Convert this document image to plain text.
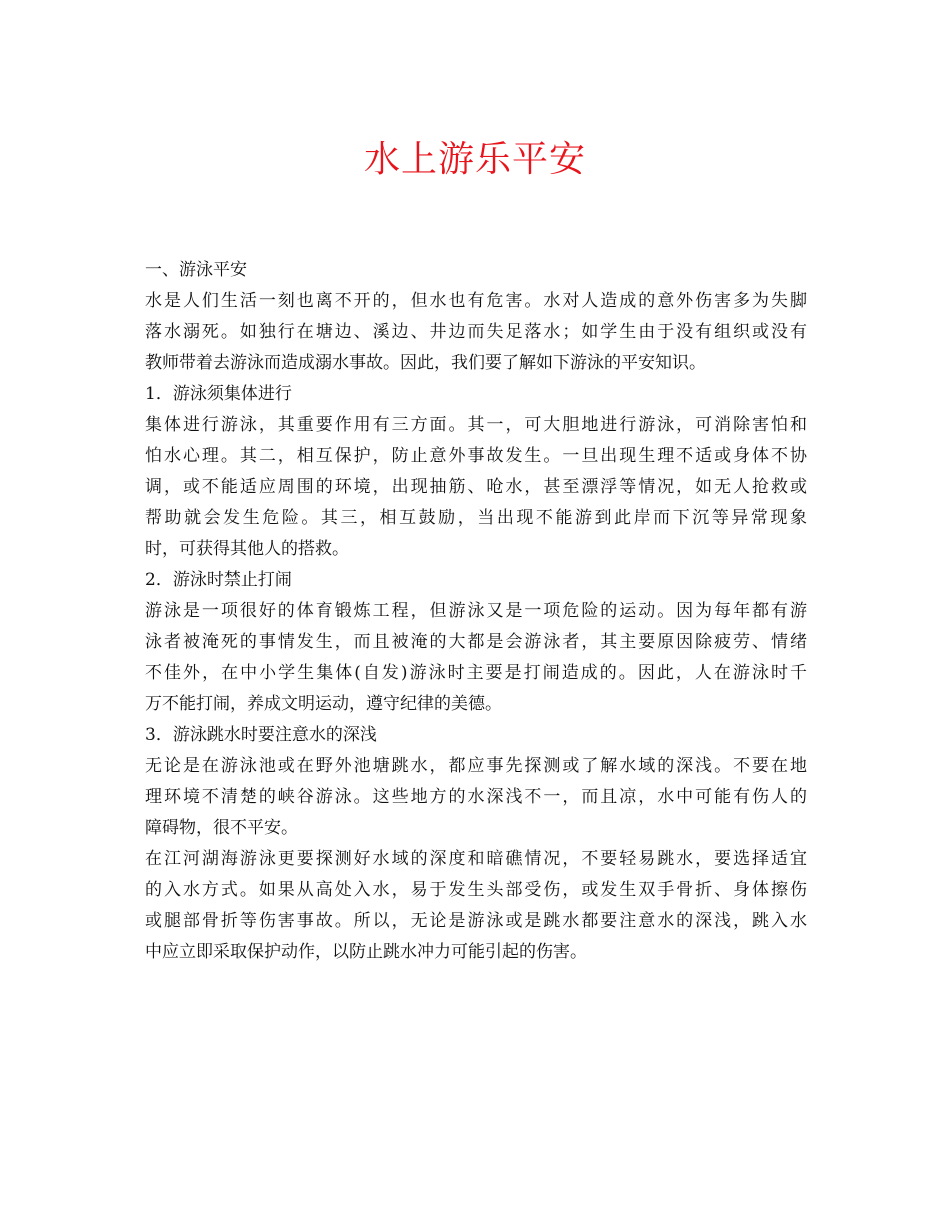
水上游乐平安
一、游泳平安
水是人们生活一刻也离不开的，但水也有危害。水对人造成的意外伤害多为失脚
落水溺死。如独行在塘边、溪边、井边而失足落水；如学生由于没有组织或没有
教师带着去游泳而造成溺水事故。因此，我们要了解如下游泳的平安知识。
1．游泳须集体进行
集体进行游泳，其重要作用有三方面。其一，可大胆地进行游泳，可消除害怕和
怕水心理。其二，相互保护，防止意外事故发生。一旦出现生理不适或身体不协
调，或不能适应周围的环境，出现抽筋、呛水，甚至漂浮等情况，如无人抢救或
帮助就会发生危险。其三，相互鼓励，当出现不能游到此岸而下沉等异常现象
时，可获得其他人的搭救。
2．游泳时禁止打闹
游泳是一项很好的体育锻炼工程，但游泳又是一项危险的运动。因为每年都有游
泳者被淹死的事情发生，而且被淹的大都是会游泳者，其主要原因除疲劳、情绪
不佳外，在中小学生集体(自发)游泳时主要是打闹造成的。因此，人在游泳时千
万不能打闹，养成文明运动，遵守纪律的美德。
3．游泳跳水时要注意水的深浅
无论是在游泳池或在野外池塘跳水，都应事先探测或了解水域的深浅。不要在地
理环境不清楚的峡谷游泳。这些地方的水深浅不一，而且凉，水中可能有伤人的
障碍物，很不平安。
在江河湖海游泳更要探测好水域的深度和暗礁情况，不要轻易跳水，要选择适宜
的入水方式。如果从高处入水，易于发生头部受伤，或发生双手骨折、身体擦伤
或腿部骨折等伤害事故。所以，无论是游泳或是跳水都要注意水的深浅，跳入水
中应立即采取保护动作，以防止跳水冲力可能引起的伤害。
